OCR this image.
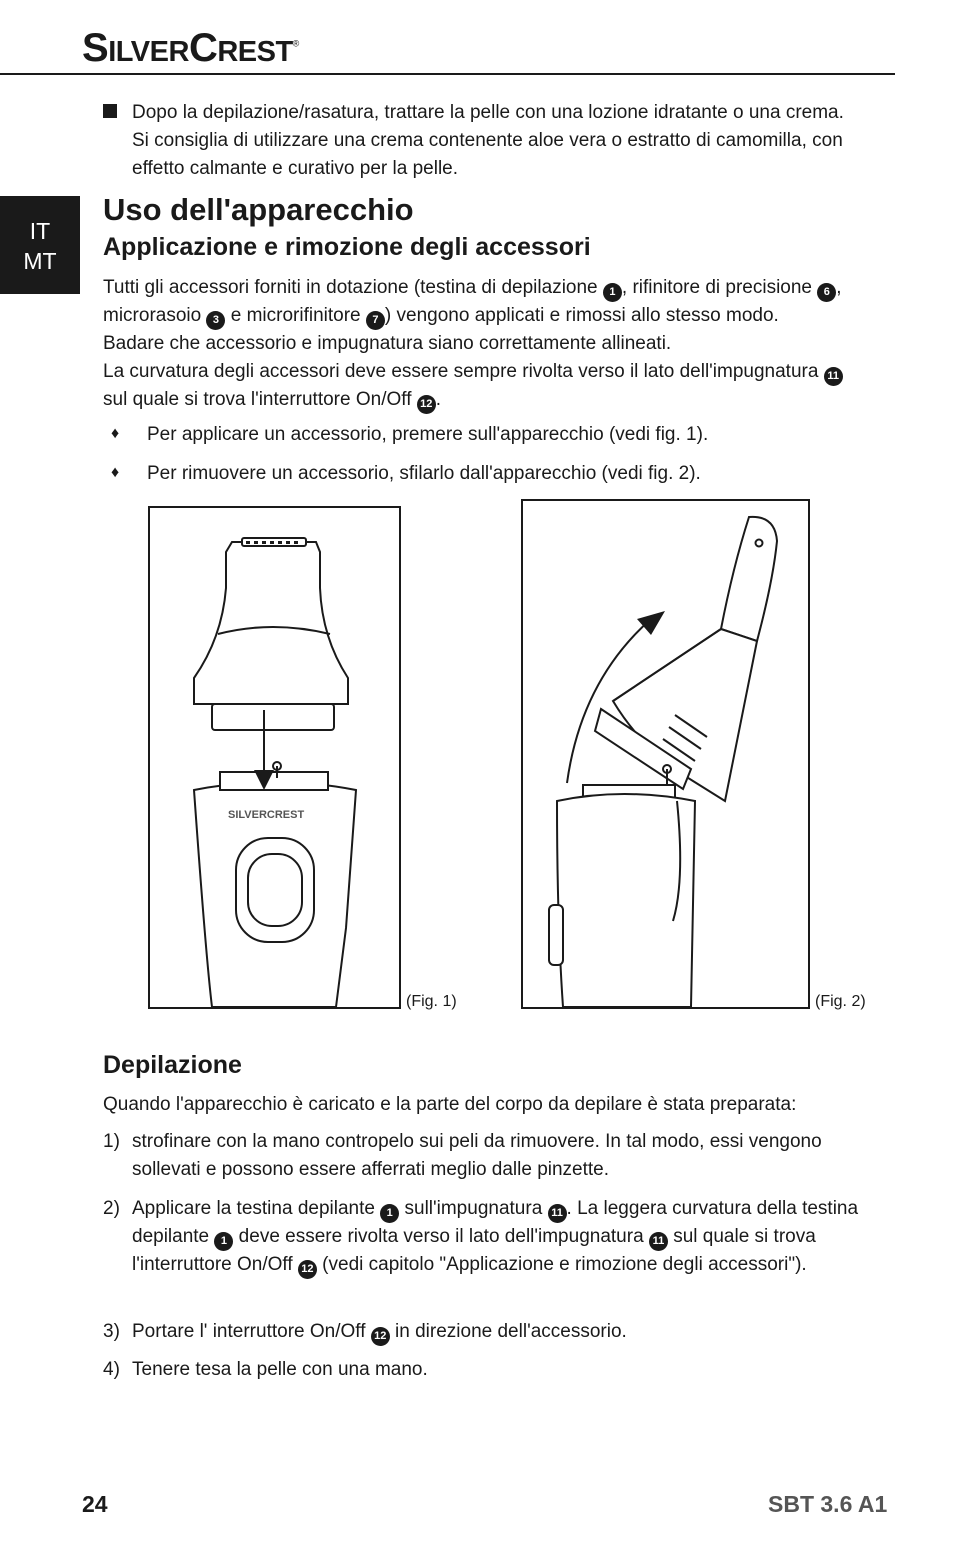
SILVERCREST®
Dopo la depilazione/rasatura, trattare la pelle con una lozione idratante o una crema. Si consiglia di utilizzare una crema contenente aloe vera o estratto di camomilla, con effetto calmante e curativo per la pelle.
IT
MT
Uso dell'apparecchio
Applicazione e rimozione degli accessori

Tutti gli accessori forniti in dotazione (testina di depilazione 1 , rifinitore di precisione 6 , microrasoio 3 e microrifinitore 7 ) vengono applicati e rimossi allo stesso modo.

Badare che accessorio e impugnatura siano correttamente allineati.

La curvatura degli accessori deve essere sempre rivolta verso il lato dell'impugnatura 11
sul quale si trova l'interruttore On/Off 12 .

♦ Per applicare un accessorio, premere sull'apparecchio (vedi fig. 1).
♦ Per rimuovere un accessorio, sfilarlo dall'apparecchio (vedi fig. 2).
SILVERCREST
(Fig. 1)	(Fig. 2)
Depilazione
Quando l'apparecchio è caricato e la parte del corpo da depilare è stata preparata:
1) strofinare con la mano contropelo sui peli da rimuovere. In tal modo, essi vengono sollevati e possono essere afferrati meglio dalle pinzette.
2) Applicare la testina depilante 1 sull'impugnatura 11 . La leggera curvatura della testina depilante 1 deve essere rivolta verso il lato dell'impugnatura 11 sul quale si trova l'interruttore On/Off 12 (vedi capitolo "Applicazione e rimozione degli accessori").
3) Portare l' interruttore On/Off 12 in direzione dell'accessorio.
4) Tenere tesa la pelle con una mano.
24	SBT 3.6 A1
